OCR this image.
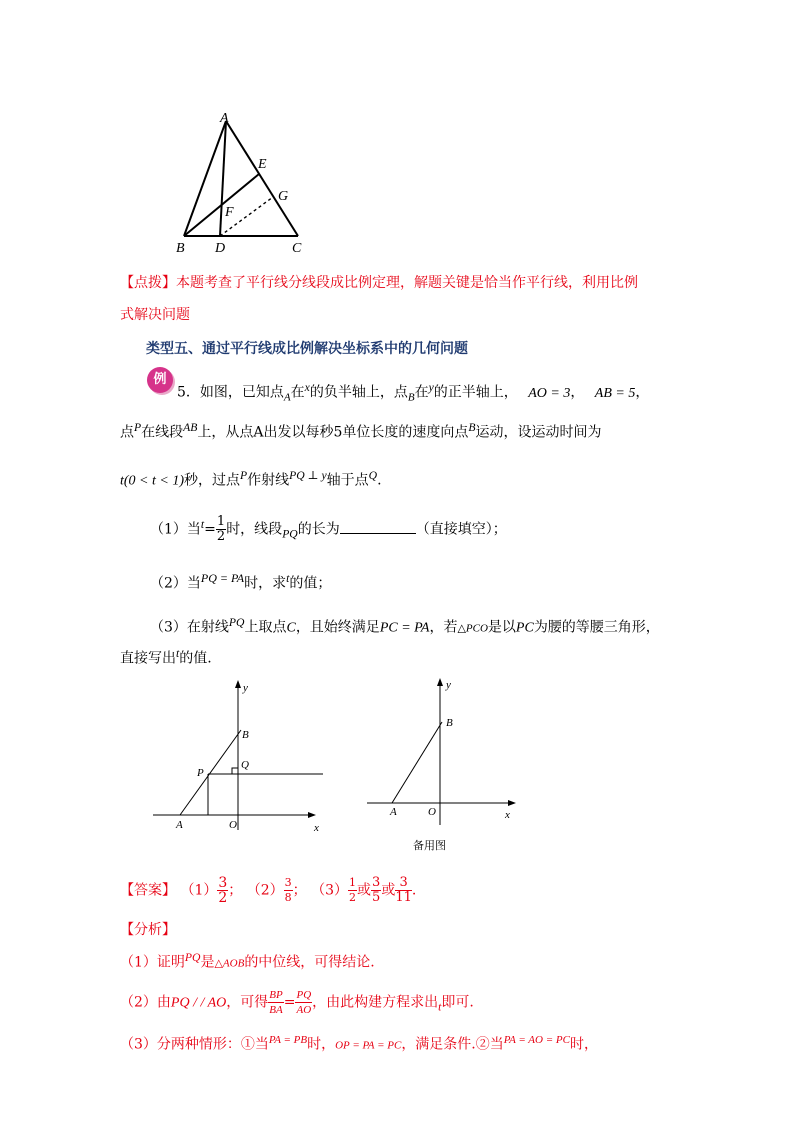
A
E
G
F
B D	C
【点拨】本题考查了平行线分线段成比例定理，解题关键是恰当作平行线，利用比例
式解决问题
类型五、通过平行线成比例解决坐标系中的几何问题
例
5．如图，已知点$_A$在$^x$的负半轴上，点$_B$在$^y$的正半轴上， AO = 3， AB = 5，
点$^P$在线段$^{AB}$上，从点A出发以每秒5单位长度的速度向点$^B$运动，设运动时间为
t(0 < t < 1)秒，过点$^P$作射线$^{PQ \perp y}$轴于点$^Q$.
（1）当$^t= \frac{1}{2}$ 时，线段$_{PQ}$的长为	（直接填空）；
（2）当$^{PQ = PA}$时，求$^t$的值；
（3）在射线$^{PQ}$上取点C，且始终满足PC = PA，若△PCO是以PC为腰的等腰三角形，
直接写出$^t$的值.
y
x
B
Q
P
A	O
y
x
B
A	O
备用图
【答案】 $(1) \frac{3}{2}$ ； $(2) \frac{3}{8}$ ； $(3) \frac{1}{2}$ 或 $\frac{3}{5}$ 或 $\frac{3}{11}$ .
【分析】
（1）证明$^{PQ}$是△AOB的中位线，可得结论.
（2）由PQ / / AO，可得 $\frac{BP}{BA} = \frac{PQ}{AO}$ ，由此构建方程求出$_t$即可.
（3）分两种情形：①当$^{PA = PB}$时，OP = PA = PC，满足条件.②当$^{PA = AO = PC}$时，
